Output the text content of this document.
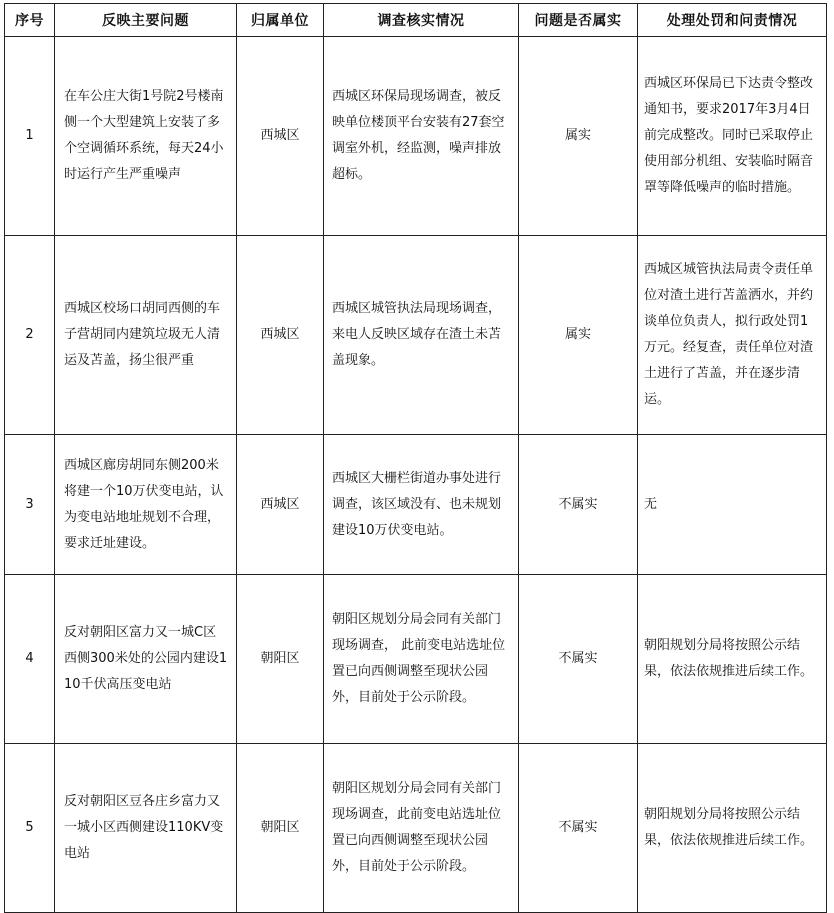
序号	反映主要问题	归属单位	调查核实情况	问题是否属实	处理处罚和问责情况
1	在车公庄大街1号院2号楼南侧一个大型建筑上安装了多个空调循环系统，每天24小时运行产生严重噪声	西城区	西城区环保局现场调查，被反映单位楼顶平台安装有27套空调室外机，经监测，噪声排放超标。	属实	西城区环保局已下达责令整改通知书，要求2017年3月4日前完成整改。同时已采取停止使用部分机组、安装临时隔音罩等降低噪声的临时措施。
2	西城区校场口胡同西侧的车子营胡同内建筑垃圾无人清运及苫盖，扬尘很严重	西城区	西城区城管执法局现场调查，来电人反映区域存在渣土未苫盖现象。	属实	西城区城管执法局责令责任单位对渣土进行苫盖洒水，并约谈单位负责人，拟行政处罚1万元。经复查，责任单位对渣土进行了苫盖，并在逐步清运。
3	西城区廊房胡同东侧200米将建一个10万伏变电站，认为变电站地址规划不合理，要求迁址建设。	西城区	西城区大栅栏街道办事处进行调查，该区域没有、也未规划建设10万伏变电站。	不属实	无
4	反对朝阳区富力又一城C区西侧300米处的公园内建设110千伏高压变电站	朝阳区	朝阳区规划分局会同有关部门现场调查， 此前变电站选址位置已向西侧调整至现状公园外，目前处于公示阶段。	不属实	朝阳规划分局将按照公示结果，依法依规推进后续工作。
5	反对朝阳区豆各庄乡富力又一城小区西侧建设110KV变电站	朝阳区	朝阳区规划分局会同有关部门现场调查，此前变电站选址位置已向西侧调整至现状公园外，目前处于公示阶段。	不属实	朝阳规划分局将按照公示结果，依法依规推进后续工作。
